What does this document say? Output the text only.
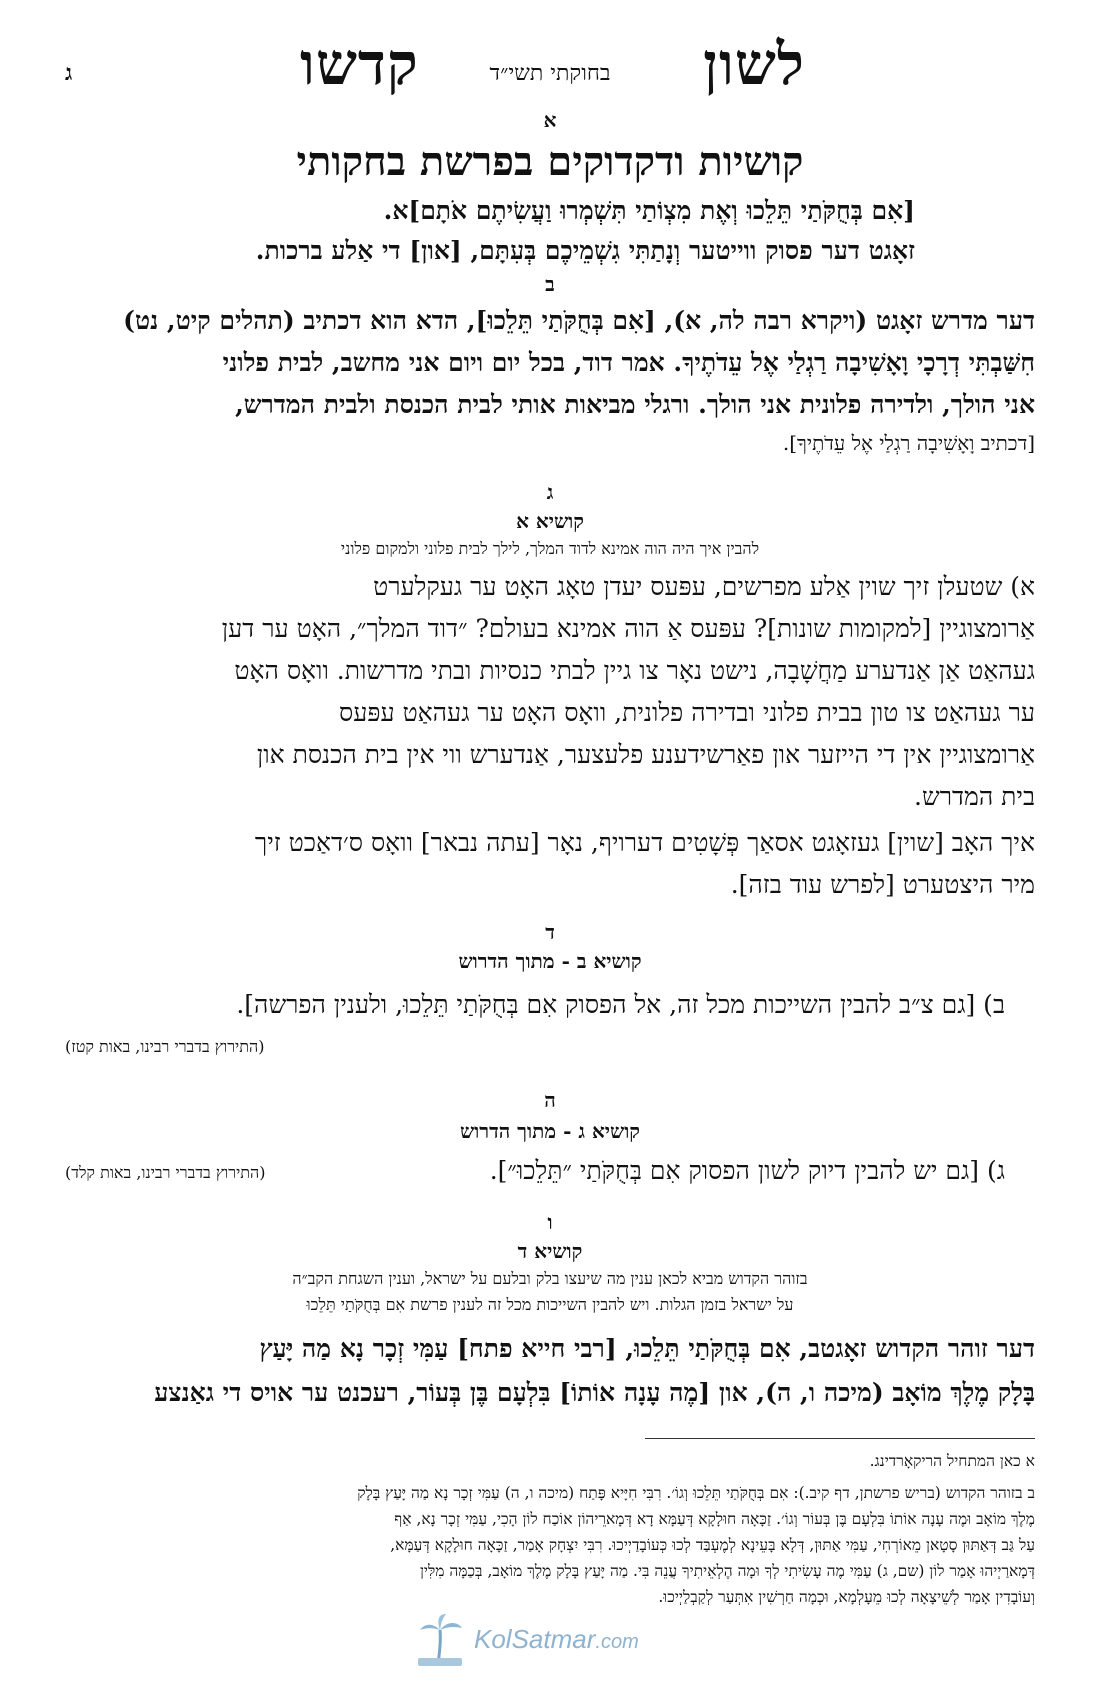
לשון
בחוקתי תשי״ד
קדשו
ג
א
קושיות ודקדוקים בפרשת בחקותי
[אִם בְּחֻקֹּתַי תֵּלֵכוּ וְאֶת מִצְוֹתַי תִּשְׁמְרוּ וַעֲשִׂיתֶם אֹתָם]א.
זאָגט דער פסוק ווייטער וְנָתַתִּי גִשְׁמֵיכֶם בְּעִתָּם, [און] די אַלע ברכות.
ב
דער מדרש זאָגט (ויקרא רבה לה, א), [אִם בְּחֻקֹּתַי תֵּלֵכוּ], הדא הוא דכתיב (תהלים קיט, נט)
חִשַּׁבְתִּי דְרָכָי וָאָשִׁיבָה רַגְלַי אֶל עֵדֹתֶיךָ. אמר דוד, בכל יום ויום אני מחשב, לבית פלוני
אני הולך, ולדירה פלונית אני הולך. ורגלי מביאות אותי לבית הכנסת ולבית המדרש,
[דכתיב וָאָשִׁיבָה רַגְלַי אֶל עֵדֹתֶיךָ].
ג
קושיא א
להבין איך היה הוה אמינא לדוד המלך, לילך לבית פלוני ולמקום פלוני
א) שטעלן זיך שוין אַלע מפרשים, עפּעס יעדן טאָג האָט ער געקלערט
אַרומצוגיין [למקומות שונות]? עפּעס אַ הוה אמינא בעולם? ״דוד המלך״, האָט ער דען
געהאַט אַן אַנדערע מַחֲשָׁבָה, נישט נאָר צו גיין לבתי כנסיות ובתי מדרשות. וואָס האָט
ער געהאַט צו טון בבית פלוני ובדירה פלונית, וואָס האָט ער געהאַט עפּעס
אַרומצוגיין אין די הייזער און פאַרשידענע פלעצער, אַנדערש ווי אין בית הכנסת און
בית המדרש.
איך האָב [שוין] געזאָגט אסאַך פְּשָׁטִים דערויף, נאָר [עתה נבאר] וואָס ס׳דאַכט זיך
מיר היצטערט [לפרש עוד בזה].
ד
קושיא ב - מתוך הדרוש
ב) [גם צ״ב להבין השייכות מכל זה, אל הפסוק אִם בְּחֻקֹּתַי תֵּלֵכוּ, ולענין הפרשה].
(התירוץ בדברי רבינו, באות קטז)
ה
קושיא ג - מתוך הדרוש
ג) [גם יש להבין דיוק לשון הפסוק אִם בְּחֻקֹּתַי ״תֵּלֵכוּ״].
(התירוץ בדברי רבינו, באות קלד)
ו
קושיא ד
בזוהר הקדוש מביא לכאן ענין מה שיעצו בלק ובלעם על ישראל, וענין השגחת הקב״ה
על ישראל בזמן הגלות. ויש להבין השייכות מכל זה לענין פרשת אִם בְּחֻקֹּתַי תֵּלֵכוּ
דער זוהר הקדוש זאָגטב, אִם בְּחֻקֹּתַי תֵּלֵכוּ, [רבי חייא פתח] עַמִּי זְכָר נָא מַה יָּעַץ
בָּלָק מֶלֶךְ מוֹאָב (מיכה ו, ה), און [מֶה עָנָה אוֹתוֹ] בִּלְעָם בֶּן בְּעוֹר, רעכנט ער אויס די גאַנצע
א כאן המתחיל הריקאָרדינג.
ב בזוהר הקדוש (בריש פרשתן, דף קיב.): אִם בְּחֻקֹּתַי תֵּלֵכוּ וְגוֹ׳. רִבִּי חִיָּיא פָּתַח (מיכה ו, ה) עַמִּי זְכָר נָא מַה יָּעַץ בָּלָק
מֶלֶךְ מוֹאָב וּמֶה עָנָה אוֹתוֹ בִּלְעָם בֶּן בְּעוֹר וְגוֹ׳. זַכָּאָה חוּלָקָא דְּעַמָּא דָא דְּמָארֵיהוֹן אוֹכַח לוֹן הָכִי, עַמִּי זְכָר נָא, אַף
עַל גַּב דְּאַתּוּן סָטָאן מֵאוֹרְחִי, עַמִּי אַתּוּן, דְּלָא בָּעֵינָא לְמֶעְבַּד לְכוּ כְּעוֹבָדַיְיכוּ. רִבִּי יִצְחָק אָמַר, זַכָּאָה חוּלָקָא דְּעַמָּא,
דְּמָארַיְיהוּ אָמַר לוֹן (שם, ג) עַמִּי מֶה עָשִׂיתִי לְךָ וּמָה הֶלְאֵיתִיךָ עֲנֵה בִּי. מַה יָּעַץ בָּלָק מֶלֶךְ מוֹאָב, בְּכַמָּה מִלִּין
וְעוֹבָדִין אָמַר לְשֵׁיצָאָה לְכוּ מֵעָלְמָא, וּכְמָה חַרְשִׁין אִתְּעַר לְקַבְלַיְיכוּ.
KolSatmar.com
